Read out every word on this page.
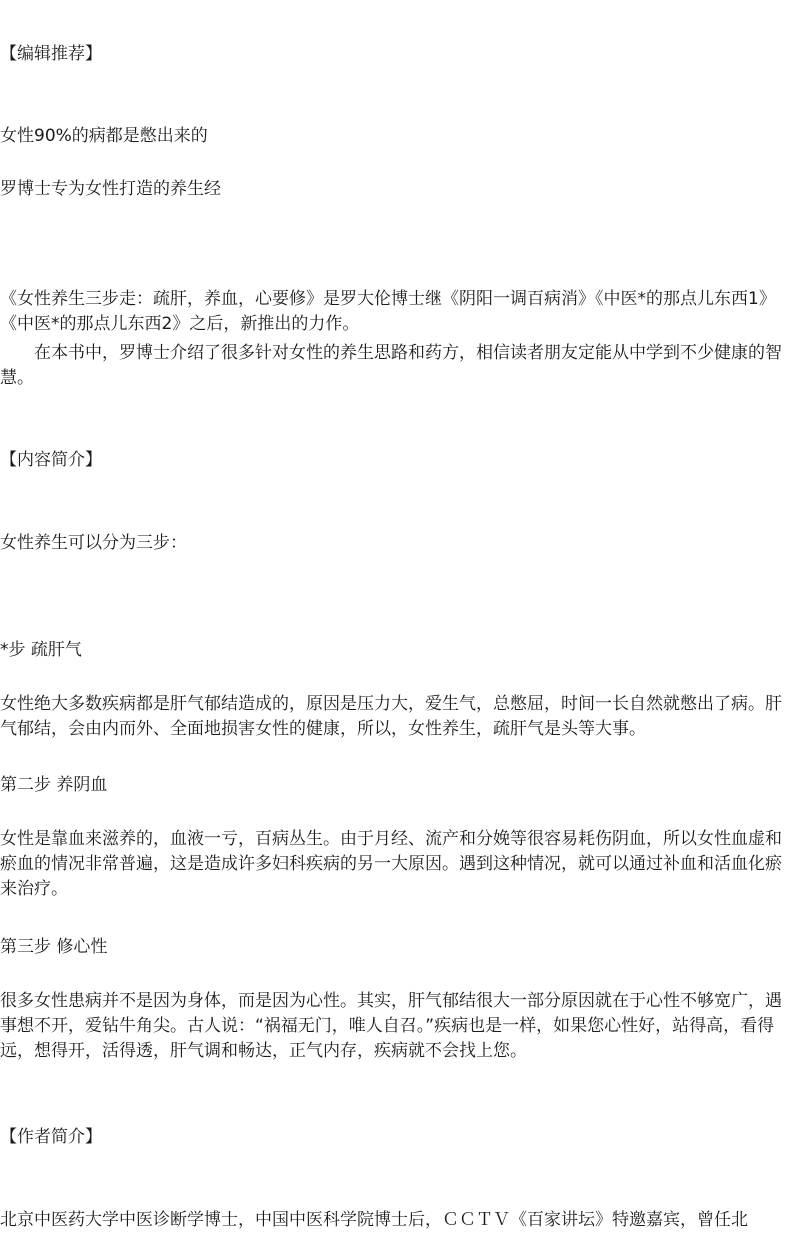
【编辑推荐】
女性90%的病都是憋出来的
罗博士专为女性打造的养生经
《女性养生三步走：疏肝，养血，心要修》是罗大伦博士继《阴阳一调百病消》《中医*的那点儿东西1》《中医*的那点儿东西2》之后，新推出的力作。
在本书中，罗博士介绍了很多针对女性的养生思路和药方，相信读者朋友定能从中学到不少健康的智慧。
【内容简介】
女性养生可以分为三步：
*步 疏肝气
女性绝大多数疾病都是肝气郁结造成的，原因是压力大，爱生气，总憋屈，时间一长自然就憋出了病。肝气郁结，会由内而外、全面地损害女性的健康，所以，女性养生，疏肝气是头等大事。
第二步 养阴血
女性是靠血来滋养的，血液一亏，百病丛生。由于月经、流产和分娩等很容易耗伤阴血，所以女性血虚和瘀血的情况非常普遍，这是造成许多妇科疾病的另一大原因。遇到这种情况，就可以通过补血和活血化瘀来治疗。
第三步 修心性
很多女性患病并不是因为身体，而是因为心性。其实，肝气郁结很大一部分原因就在于心性不够宽广，遇事想不开，爱钻牛角尖。古人说：“祸福无门，唯人自召。”疾病也是一样，如果您心性好，站得高，看得远，想得开，活得透，肝气调和畅达，正气内存，疾病就不会找上您。
【作者简介】
北京中医药大学中医诊断学博士，中国中医科学院博士后，ＣＣＴＶ《百家讲坛》特邀嘉宾，曾任北
